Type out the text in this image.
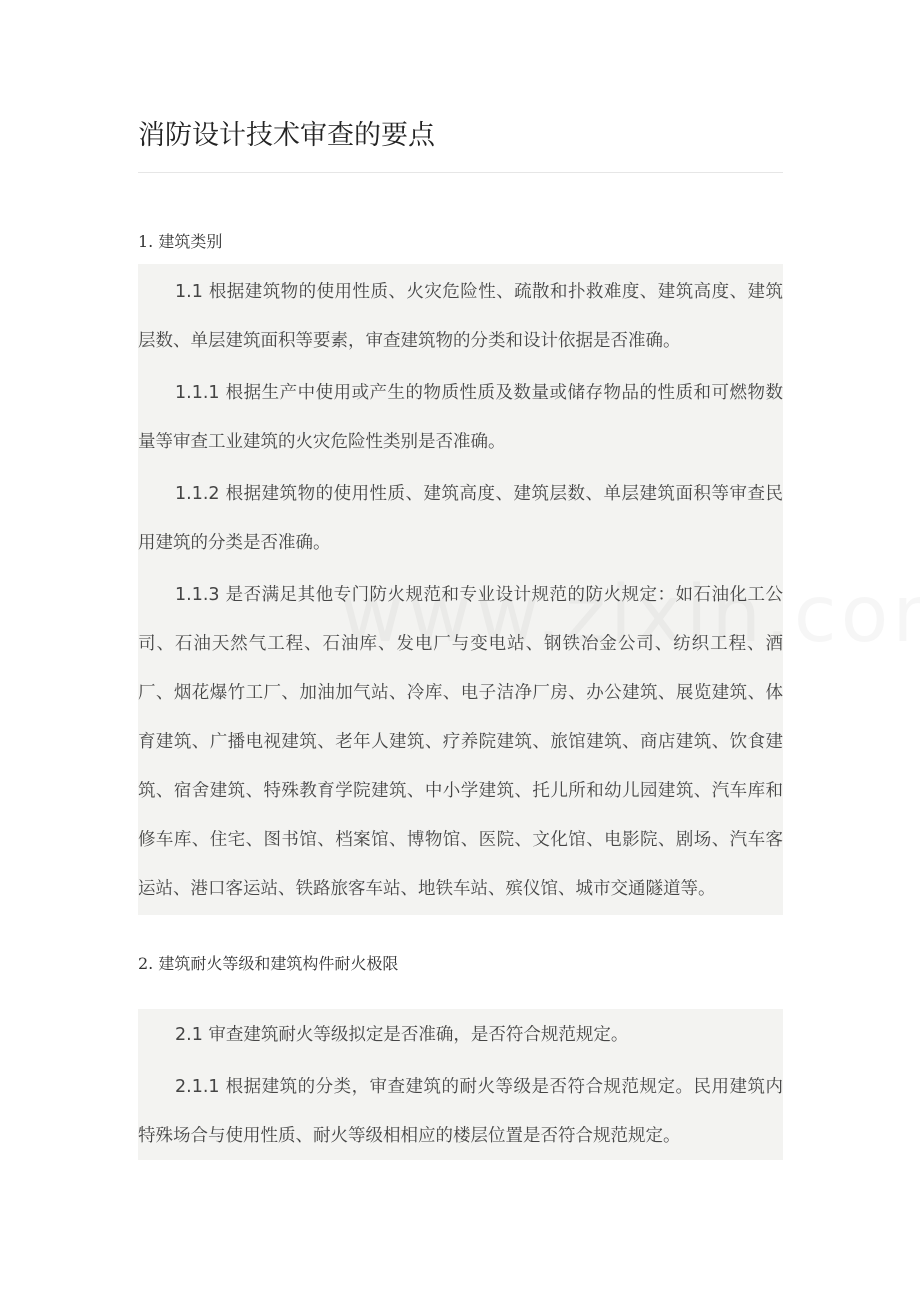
消防设计技术审查的要点
1. 建筑类别

1.1 根据建筑物的使用性质、火灾危险性、疏散和扑救难度、建筑高度、建筑层数、单层建筑面积等要素，审查建筑物的分类和设计依据是否准确。

1.1.1 根据生产中使用或产生的物质性质及数量或储存物品的性质和可燃物数量等审查工业建筑的火灾危险性类别是否准确。

1.1.2 根据建筑物的使用性质、建筑高度、建筑层数、单层建筑面积等审查民用建筑的分类是否准确。

1.1.3 是否满足其他专门防火规范和专业设计规范的防火规定：如石油化工公司、石油天然气工程、石油库、发电厂与变电站、钢铁冶金公司、纺织工程、酒厂、烟花爆竹工厂、加油加气站、冷库、电子洁净厂房、办公建筑、展览建筑、体育建筑、广播电视建筑、老年人建筑、疗养院建筑、旅馆建筑、商店建筑、饮食建筑、宿舍建筑、特殊教育学院建筑、中小学建筑、托儿所和幼儿园建筑、汽车库和修车库、住宅、图书馆、档案馆、博物馆、医院、文化馆、电影院、剧场、汽车客运站、港口客运站、铁路旅客车站、地铁车站、殡仪馆、城市交通隧道等。

2. 建筑耐火等级和建筑构件耐火极限

2.1 审查建筑耐火等级拟定是否准确，是否符合规范规定。

2.1.1 根据建筑的分类，审查建筑的耐火等级是否符合规范规定。民用建筑内特殊场合与使用性质、耐火等级相相应的楼层位置是否符合规范规定。
